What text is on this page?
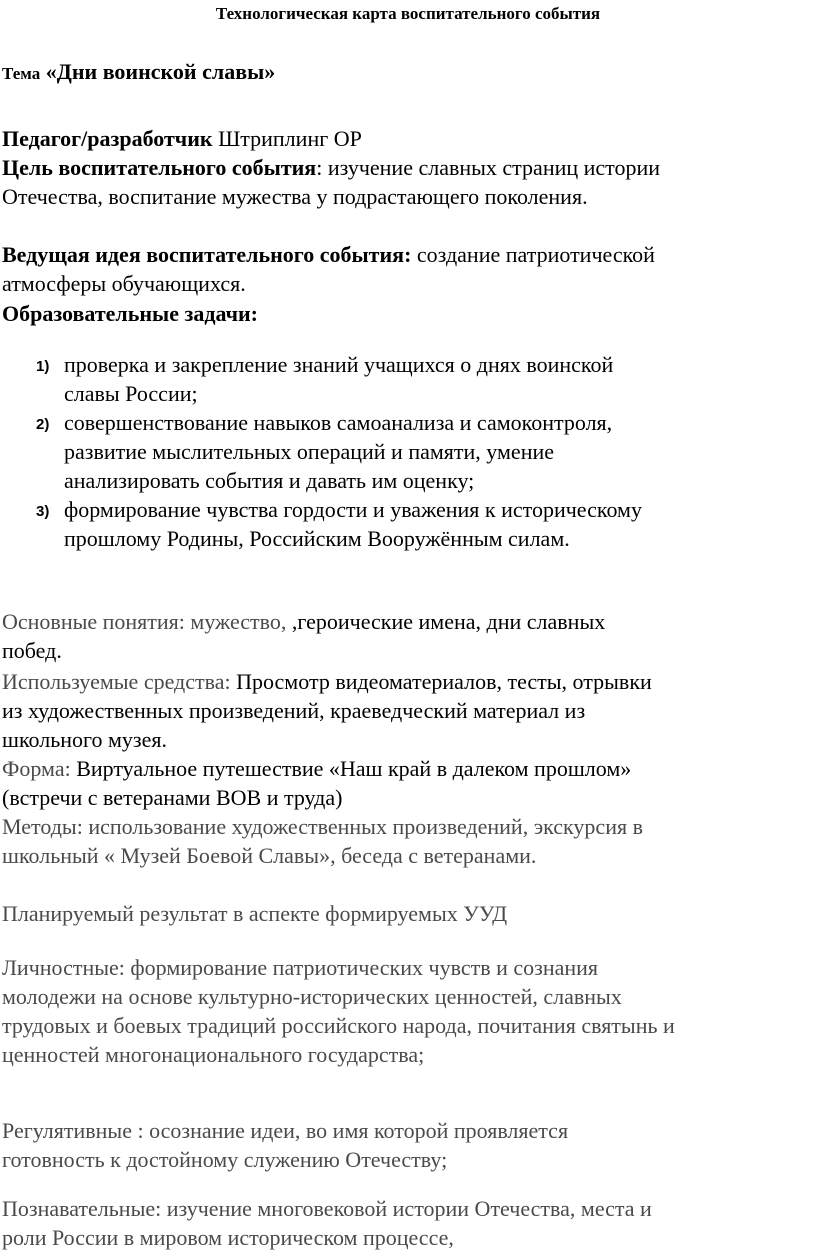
Технологическая карта воспитательного события
Тема «Дни воинской славы»
Педагог/разработчик Штриплинг ОР
Цель воспитательного события: изучение славных страниц истории Отечества, воспитание мужества у подрастающего поколения.
Ведущая идея воспитательного события: создание патриотической атмосферы обучающихся.
Образовательные задачи:
1) проверка и закрепление знаний учащихся о днях воинской славы России;
2) совершенствование навыков самоанализа и самоконтроля, развитие мыслительных операций и памяти, умение анализировать события и давать им оценку;
3) формирование чувства гордости и уважения к историческому прошлому Родины, Российским Вооружённым силам.
Основные понятия: мужество, ,героические имена, дни славных побед.
Используемые средства: Просмотр видеоматериалов, тесты, отрывки из художественных произведений, краеведческий материал из школьного музея.
Форма: Виртуальное путешествие «Наш край в далеком прошлом» (встречи с ветеранами ВОВ и труда)
Методы: использование художественных произведений, экскурсия в школьный « Музей Боевой Славы», беседа с ветеранами.
Планируемый результат в аспекте формируемых УУД
Личностные: формирование патриотических чувств и сознания молодежи на основе культурно-исторических ценностей, славных трудовых и боевых традиций российского народа, почитания святынь и ценностей многонационального государства;
Регулятивные : осознание идеи, во имя которой проявляется готовность к достойному служению Отечеству;
Познавательные: изучение многовековой истории Отечества, места и роли России в мировом историческом процессе,
